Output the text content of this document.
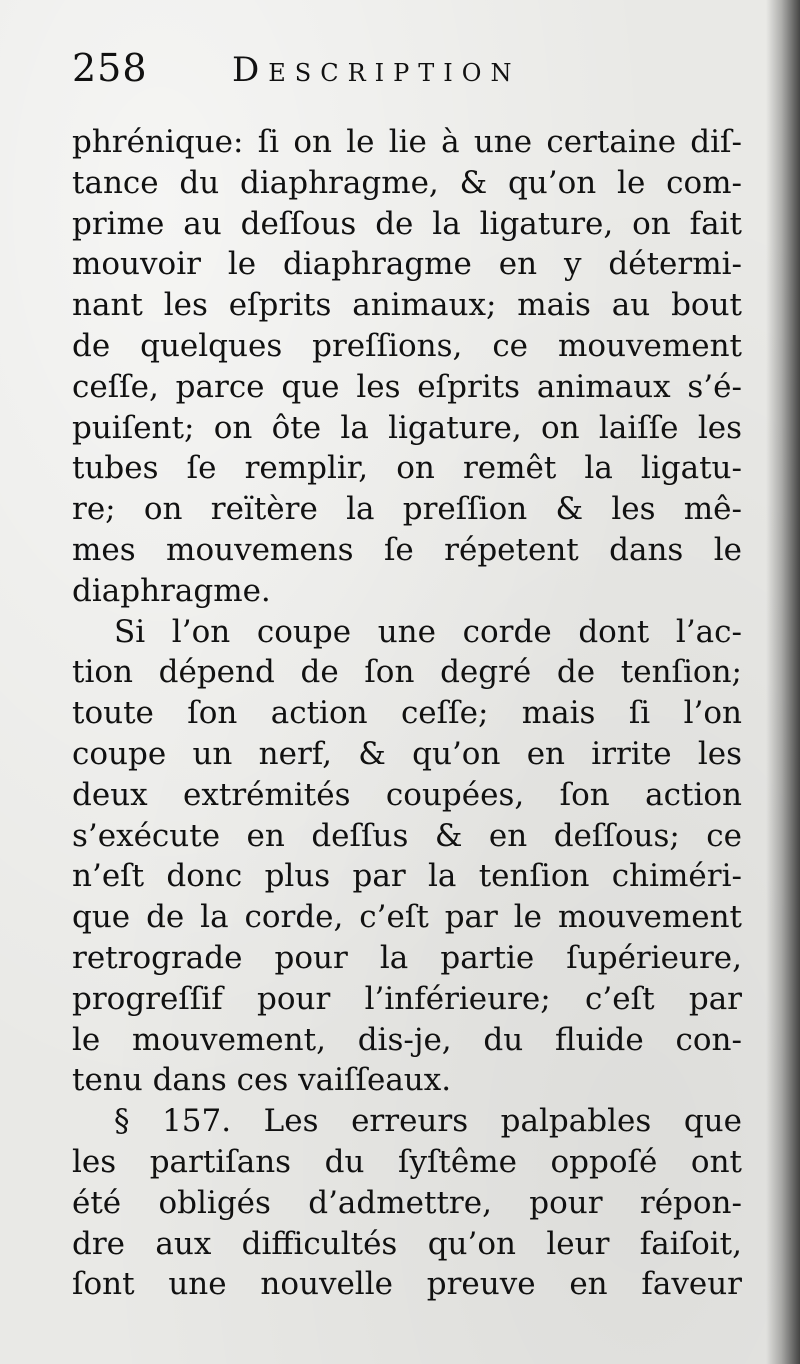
258 Description
phrénique: ſi on le lie à une certaine diſ-
tance du diaphragme, & qu’on le com-
prime au deſſous de la ligature, on fait
mouvoir le diaphragme en y détermi-
nant les eſprits animaux; mais au bout
de quelques preſſions, ce mouvement
ceſſe, parce que les eſprits animaux s’é-
puiſent; on ôte la ligature, on laiſſe les
tubes ſe remplir, on remêt la ligatu-
re; on reïtère la preſſion & les mê-
mes mouvemens ſe répetent dans le
diaphragme.
Si l’on coupe une corde dont l’ac-
tion dépend de ſon degré de tenſion;
toute ſon action ceſſe; mais ſi l’on
coupe un nerf, & qu’on en irrite les
deux extrémités coupées, ſon action
s’exécute en deſſus & en deſſous; ce
n’eſt donc plus par la tenſion chiméri-
que de la corde, c’eſt par le mouvement
retrograde pour la partie ſupérieure,
progreſſif pour l’inférieure; c’eſt par
le mouvement, dis-je, du fluide con-
tenu dans ces vaiſſeaux.
§ 157. Les erreurs palpables que
les partiſans du ſyſtême oppoſé ont
été obligés d’admettre, pour répon-
dre aux difficultés qu’on leur faiſoit,
ſont une nouvelle preuve en faveur
